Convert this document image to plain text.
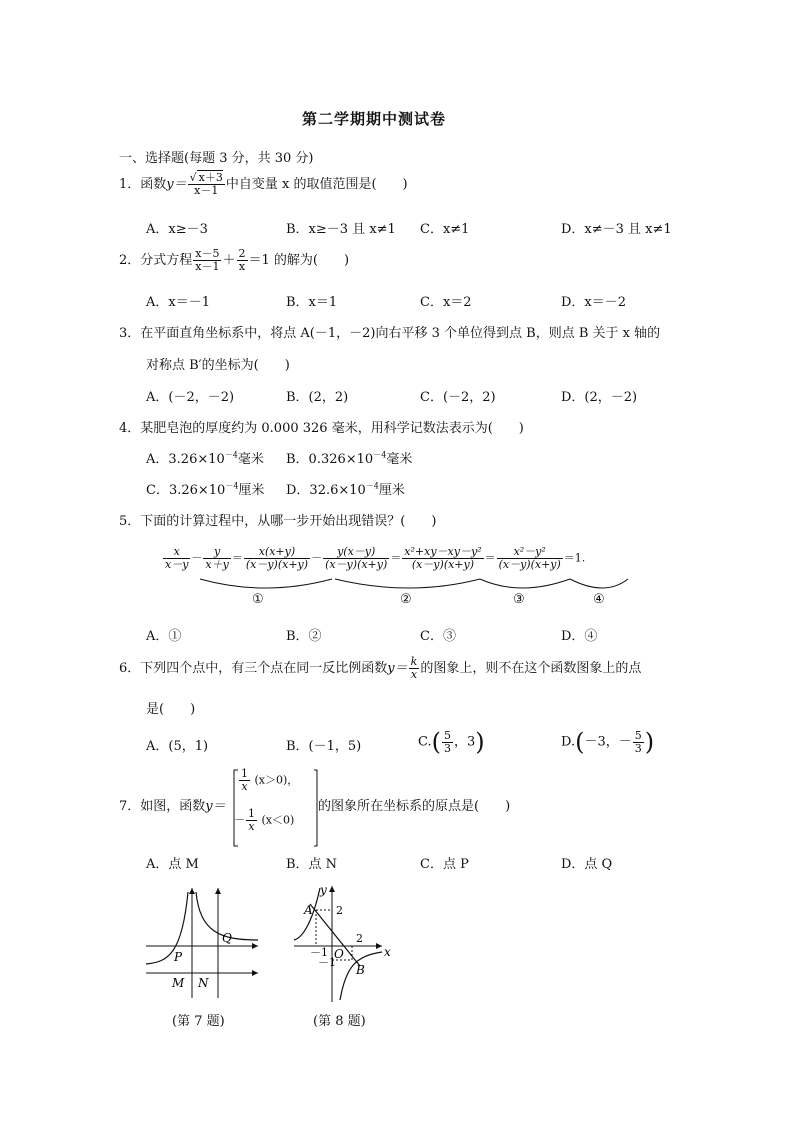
第二学期期中测试卷
一、选择题(每题 3 分，共 30 分)
1．函数$y= \frac{√ x+3}{x-1}$ 中自变量 x 的取值范围是(　　)
A．x≥－3	B．x≥－3 且 x≠1 C．x≠1	D．x≠－3 且 x≠1
2．分式方程 $\frac{x-5}{x-1} + \frac{2}{x} =1$ 的解为(　　)
A．x＝－1	B．x＝1	C．x＝2	D．x＝－2
3．在平面直角坐标系中，将点 A(－1，－2)向右平移 3 个单位得到点 B，则点 B 关于 x 轴的
对称点 B′的坐标为(　　)
A．(－2，－2)	B．(2，2)	C．(－2，2)	D．(2，－2)
4．某肥皂泡的厚度约为 0.000 326 毫米，用科学记数法表示为(　　)
A．$3.26\times 10^{-4}$毫米 B．$0.326\times 10^{-4}$毫米
C．$3.26\times 10^{-4}$厘米 D．$32.6\times 10^{-4}$厘米
5．下面的计算过程中，从哪一步开始出现错误？(　　)
$\frac{x}{x-y} - \frac{y}{x+y} = \frac{x(x+y)}{(x-y)(x+y)} - \frac{y(x-y)}{(x-y)(x+y)} = \frac{\text{x²+xy－xy－y²}}{(x-y)(x+y)} = \frac{\text{x²－y²}}{(x-y)(x+y)} =1$.
①	②	③	④
A．①	B．②	C．③	D．④
6．下列四个点中，有三个点在同一反比例函数$y= \frac{k}{x}$ 的图象上，则不在这个函数图象上的点
是(　　)
A．(5，1)	B．(－1，5)	$C.( \frac{5}{3}$ ，3)	D.(－3，－ $\frac{5}{3}$ )
7．如图，函数y＝
$\frac{1}{x} (x>0)$，
－ $\frac{1}{x} (x<0)$
的图象所在坐标系的原点是(　　)
A．点 M	B．点 N	C．点 P	D．点 Q
Q
P
M N
(第 7 题)
y
x
A
B
O
2
2
－1
－1
(第 8 题)
